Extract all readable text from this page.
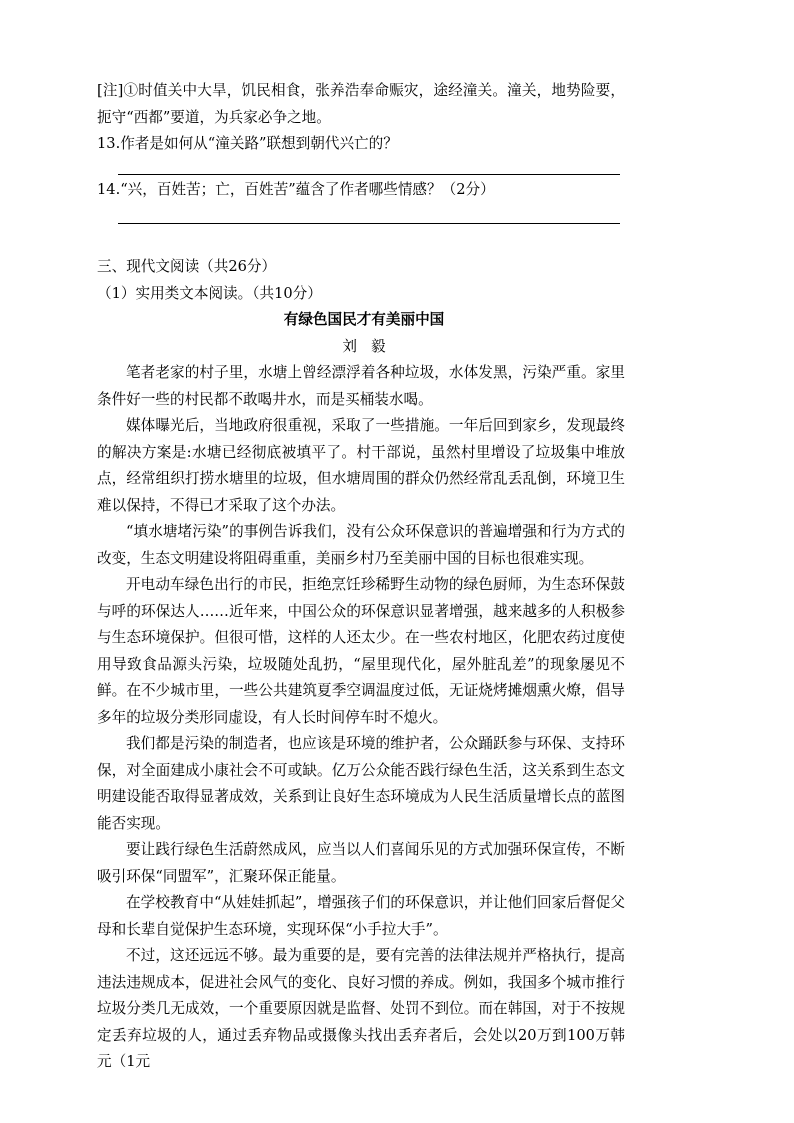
[注]①时值关中大旱，饥民相食，张养浩奉命赈灾，途经潼关。潼关，地势险要，扼守“西都”要道，为兵家必争之地。

13.作者是如何从“潼关路”联想到朝代兴亡的？

14.“兴，百姓苦；亡，百姓苦”蕴含了作者哪些情感？（2分）

三、现代文阅读（共26分）

（1）实用类文本阅读。（共10分）

有绿色国民才有美丽中国

刘毅

笔者老家的村子里，水塘上曾经漂浮着各种垃圾，水体发黑，污染严重。家里条件好一些的村民都不敢喝井水，而是买桶装水喝。

媒体曝光后，当地政府很重视，采取了一些措施。一年后回到家乡，发现最终的解决方案是:水塘已经彻底被填平了。村干部说，虽然村里增设了垃圾集中堆放点，经常组织打捞水塘里的垃圾，但水塘周围的群众仍然经常乱丢乱倒，环境卫生难以保持，不得已才采取了这个办法。

“填水塘堵污染”的事例告诉我们，没有公众环保意识的普遍增强和行为方式的改变，生态文明建设将阻碍重重，美丽乡村乃至美丽中国的目标也很难实现。

开电动车绿色出行的市民，拒绝烹饪珍稀野生动物的绿色厨师，为生态环保鼓与呼的环保达人……近年来，中国公众的环保意识显著增强，越来越多的人积极参与生态环境保护。但很可惜，这样的人还太少。在一些农村地区，化肥农药过度使用导致食品源头污染，垃圾随处乱扔，“屋里现代化，屋外脏乱差”的现象屡见不鲜。在不少城市里，一些公共建筑夏季空调温度过低，无证烧烤摊烟熏火燎，倡导多年的垃圾分类形同虚设，有人长时间停车时不熄火。

我们都是污染的制造者，也应该是环境的维护者，公众踊跃参与环保、支持环保，对全面建成小康社会不可或缺。亿万公众能否践行绿色生活，这关系到生态文明建设能否取得显著成效，关系到让良好生态环境成为人民生活质量增长点的蓝图能否实现。

要让践行绿色生活蔚然成风，应当以人们喜闻乐见的方式加强环保宣传，不断吸引环保“同盟军”，汇聚环保正能量。

在学校教育中“从娃娃抓起”，增强孩子们的环保意识，并让他们回家后督促父母和长辈自觉保护生态环境，实现环保“小手拉大手”。

不过，这还远远不够。最为重要的是，要有完善的法律法规并严格执行，提高违法违规成本，促进社会风气的变化、良好习惯的养成。例如，我国多个城市推行垃圾分类几无成效，一个重要原因就是监督、处罚不到位。而在韩国，对于不按规定丢弃垃圾的人，通过丢弃物品或摄像头找出丢弃者后，会处以20万到100万韩元（1元
